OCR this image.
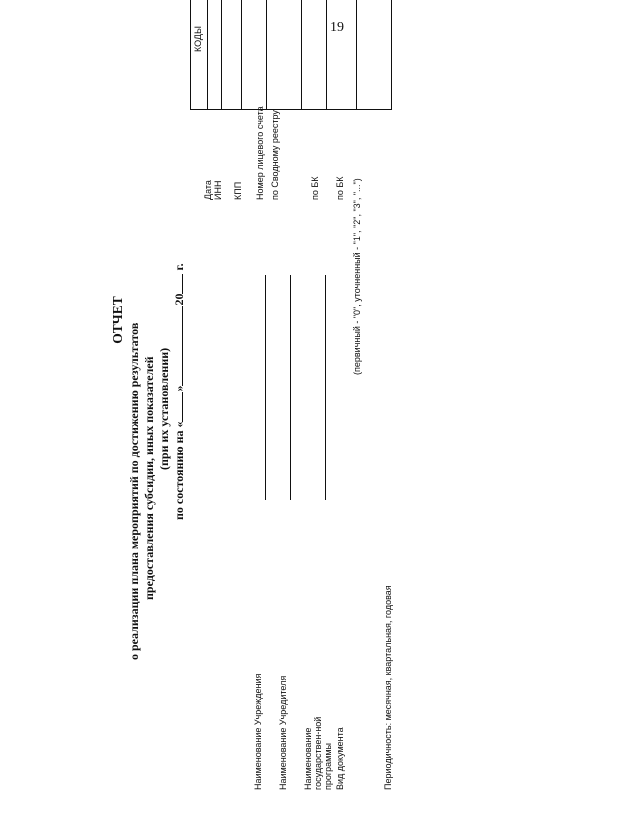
19
ОТЧЕТ
о реализации плана мероприятий по достижению результатов предоставления субсидии, иных показателей (при их установлении)
по состоянию на «»20 г.
Наименование Учреждения Наименование Учредителя Наименование государствен-ной программы Вид документа	Периодичность: месячная, квартальная, годовая
(первичный - "0", уточненный - "1", "2", "3", "...")
Дата ИНН КПП Номер лицевого счета по Сводному реестру	по БК по БК
КОДЫ
